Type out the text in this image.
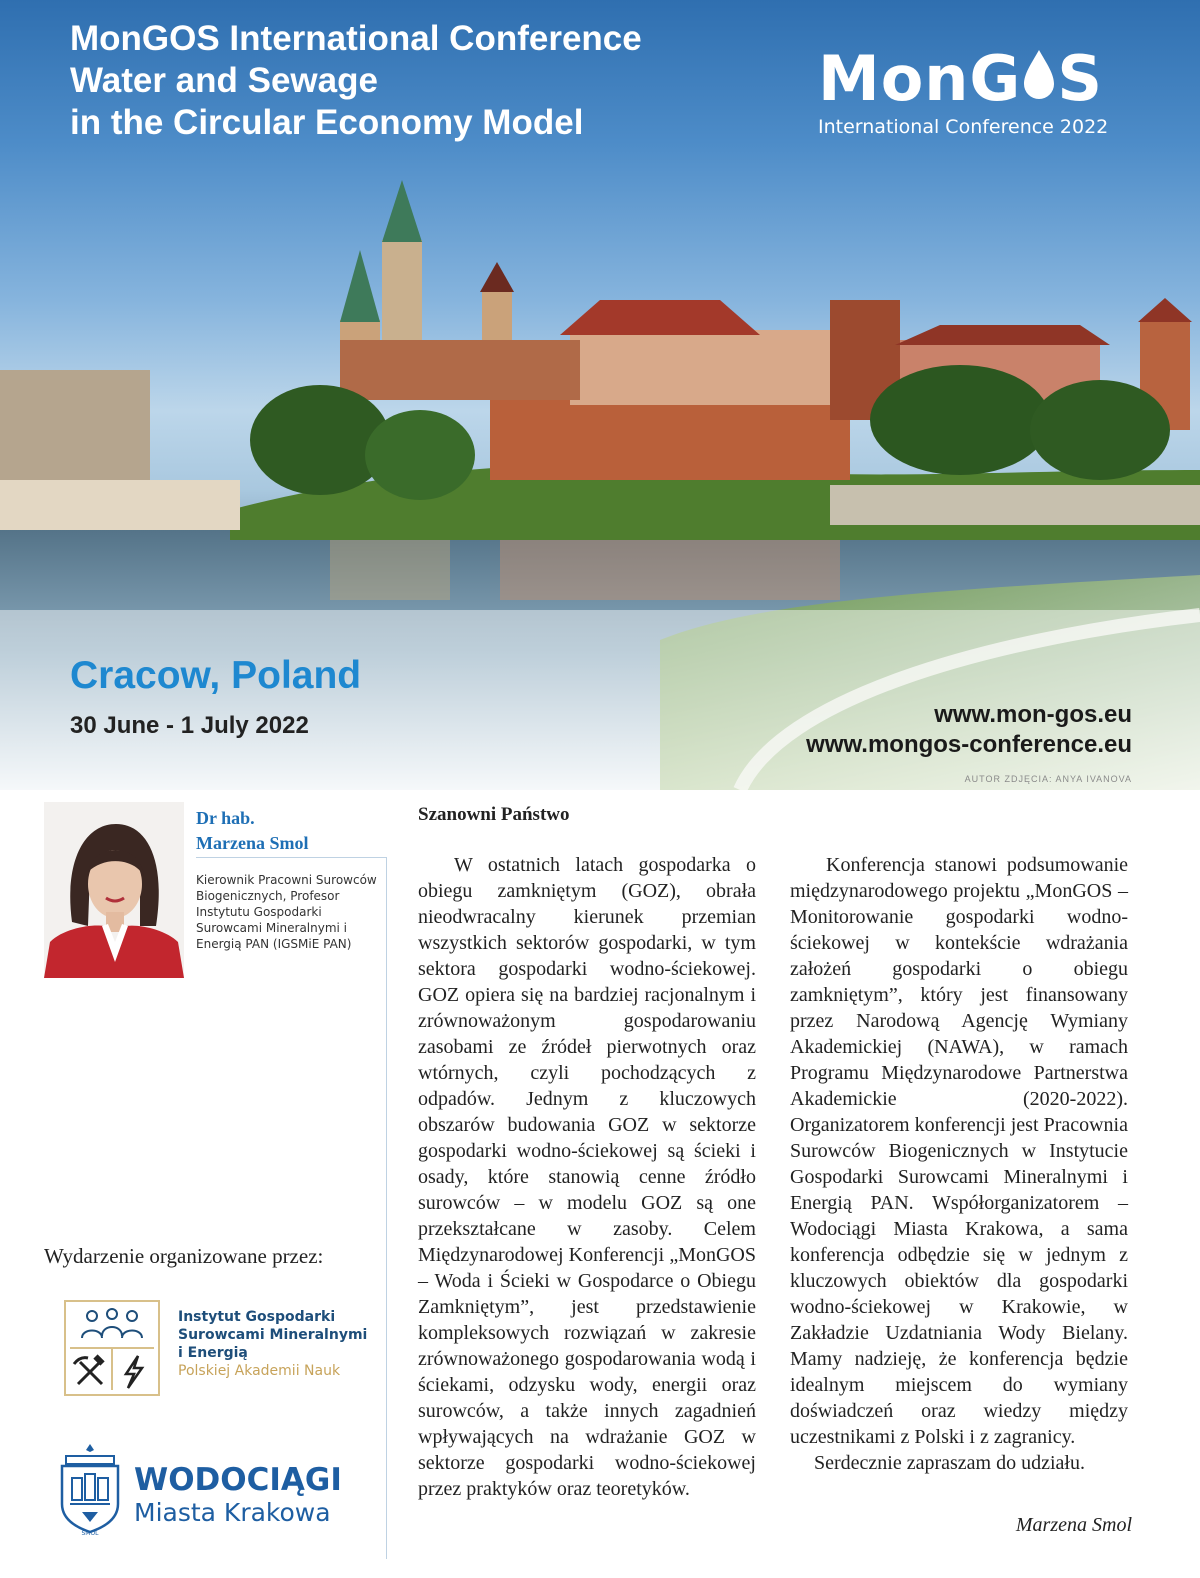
MonGOS International Conference
Water and Sewage
in the Circular Economy Model
MonG S
International Conference 2022
Cracow, Poland
30 June - 1 July 2022	www.mon-gos.eu
www.mongos-conference.eu
AUTOR ZDJĘCIA: ANYA IVANOVA
Dr hab.
Marzena Smol
Kierownik Pracowni Surowców Biogenicznych, Profesor Instytutu Gospodarki Surowcami Mineralnymi i Energią PAN (IGSMiE PAN)
Wydarzenie organizowane przez:
Instytut Gospodarki
Surowcami Mineralnymi
i Energią
Polskiej Akademii Nauk
SMOL
WODOCIĄGI
Miasta Krakowa
Szanowni Państwo

W ostatnich latach gospodarka o obiegu zamkniętym (GOZ), obrała nieodwracalny kierunek przemian wszystkich sektorów gospodarki, w tym sektora gospodarki wodno-ściekowej. GOZ opiera się na bardziej racjonalnym i zrównoważonym gospodarowaniu zasobami ze źródeł pierwotnych oraz wtórnych, czyli pochodzących z odpadów. Jednym z kluczowych obszarów budowania GOZ w sektorze gospodarki wodno-ściekowej są ścieki i osady, które stanowią cenne źródło surowców – w modelu GOZ są one przekształcane w zasoby. Celem Międzynarodowej Konferencji „MonGOS – Woda i Ścieki w Gospodarce o Obiegu Zamkniętym”, jest przedstawienie kompleksowych rozwiązań w zakresie zrównoważonego gospodarowania wodą i ściekami, odzysku wody, energii oraz surowców, a także innych zagadnień wpływających na wdrażanie GOZ w sektorze gospodarki wodno-ściekowej przez praktyków oraz teoretyków.

Konferencja stanowi podsumowanie międzynarodowego projektu „MonGOS – Monitorowanie gospodarki wodno-ściekowej w kontekście wdrażania założeń gospodarki o obiegu zamkniętym”, który jest finansowany przez Narodową Agencję Wymiany Akademickiej (NAWA), w ramach Programu Międzynarodowe Partnerstwa Akademickie (2020-2022). Organizatorem konferencji jest Pracownia Surowców Biogenicznych w Instytucie Gospodarki Surowcami Mineralnymi i Energią PAN. Współorganizatorem – Wodociągi Miasta Krakowa, a sama konferencja odbędzie się w jednym z kluczowych obiektów dla gospodarki wodno-ściekowej w Krakowie, w Zakładzie Uzdatniania Wody Bielany. Mamy nadzieję, że konferencja będzie idealnym miejscem do wymiany doświadczeń oraz wiedzy między uczestnikami z Polski i z zagranicy.

Serdecznie zapraszam do udziału.

Marzena Smol
